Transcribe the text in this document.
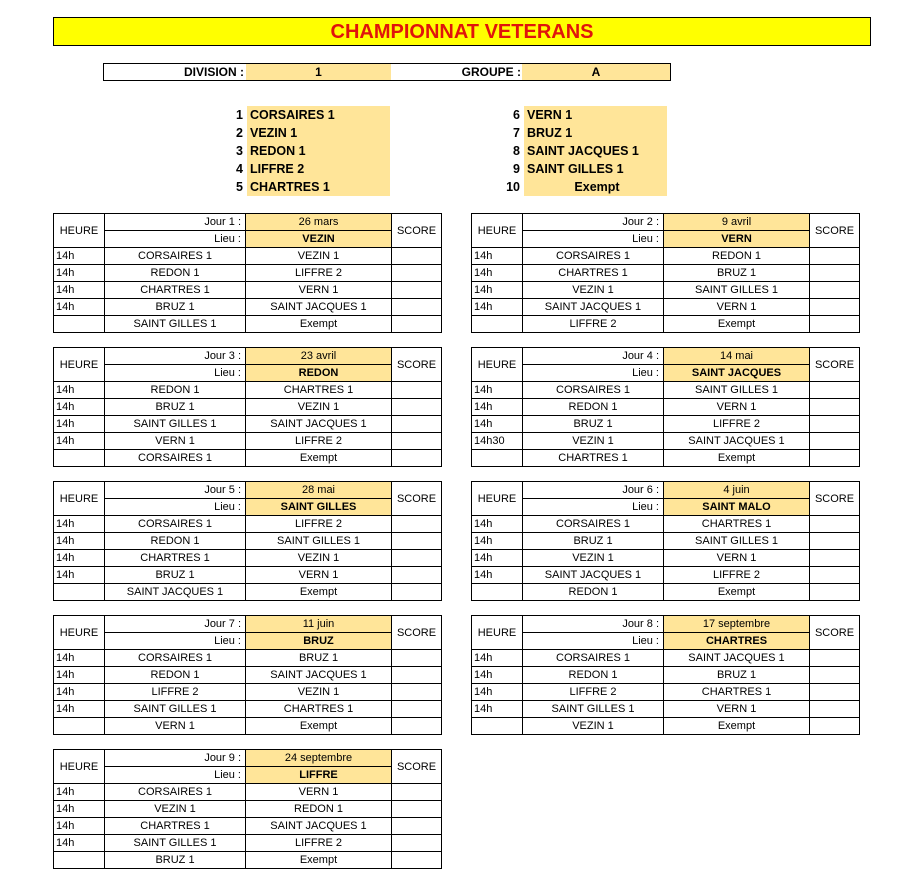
CHAMPIONNAT VETERANS
DIVISION :	1	GROUPE :	A
1 CORSAIRES 1
2 VEZIN 1
3 REDON 1
4 LIFFRE 2
5 CHARTRES 1
6 VERN 1
7 BRUZ 1
8 SAINT JACQUES 1
9 SAINT GILLES 1
10	Exempt
HEURE	Jour 1 :	26 mars	SCORE
	Lieu :	VEZIN	
14h	CORSAIRES 1	VEZIN 1	
14h	REDON 1	LIFFRE 2	
14h	CHARTRES 1	VERN 1	
14h	BRUZ 1	SAINT JACQUES 1	
	SAINT GILLES 1	Exempt	
HEURE	Jour 2 :	9 avril	SCORE
	Lieu :	VERN	
14h	CORSAIRES 1	REDON 1	
14h	CHARTRES 1	BRUZ 1	
14h	VEZIN 1	SAINT GILLES 1	
14h	SAINT JACQUES 1	VERN 1	
	LIFFRE 2	Exempt	
HEURE	Jour 3 :	23 avril	SCORE
	Lieu :	REDON	
14h	REDON 1	CHARTRES 1	
14h	BRUZ 1	VEZIN 1	
14h	SAINT GILLES 1	SAINT JACQUES 1	
14h	VERN 1	LIFFRE 2	
	CORSAIRES 1	Exempt	
HEURE	Jour 4 :	14 mai	SCORE
	Lieu :	SAINT JACQUES	
14h	CORSAIRES 1	SAINT GILLES 1	
14h	REDON 1	VERN 1	
14h	BRUZ 1	LIFFRE 2	
14h30	VEZIN 1	SAINT JACQUES 1	
	CHARTRES 1	Exempt	
HEURE	Jour 5 :	28 mai	SCORE
	Lieu :	SAINT GILLES	
14h	CORSAIRES 1	LIFFRE 2	
14h	REDON 1	SAINT GILLES 1	
14h	CHARTRES 1	VEZIN 1	
14h	BRUZ 1	VERN 1	
	SAINT JACQUES 1	Exempt	
HEURE	Jour 6 :	4 juin	SCORE
	Lieu :	SAINT MALO	
14h	CORSAIRES 1	CHARTRES 1	
14h	BRUZ 1	SAINT GILLES 1	
14h	VEZIN 1	VERN 1	
14h	SAINT JACQUES 1	LIFFRE 2	
	REDON 1	Exempt	
HEURE	Jour 7 :	11 juin	SCORE
	Lieu :	BRUZ	
14h	CORSAIRES 1	BRUZ 1	
14h	REDON 1	SAINT JACQUES 1	
14h	LIFFRE 2	VEZIN 1	
14h	SAINT GILLES 1	CHARTRES 1	
	VERN 1	Exempt	
HEURE	Jour 8 :	17 septembre	SCORE
	Lieu :	CHARTRES	
14h	CORSAIRES 1	SAINT JACQUES 1	
14h	REDON 1	BRUZ 1	
14h	LIFFRE 2	CHARTRES 1	
14h	SAINT GILLES 1	VERN 1	
	VEZIN 1	Exempt	
HEURE	Jour 9 :	24 septembre	SCORE
	Lieu :	LIFFRE	
14h	CORSAIRES 1	VERN 1	
14h	VEZIN 1	REDON 1	
14h	CHARTRES 1	SAINT JACQUES 1	
14h	SAINT GILLES 1	LIFFRE 2	
	BRUZ 1	Exempt	
